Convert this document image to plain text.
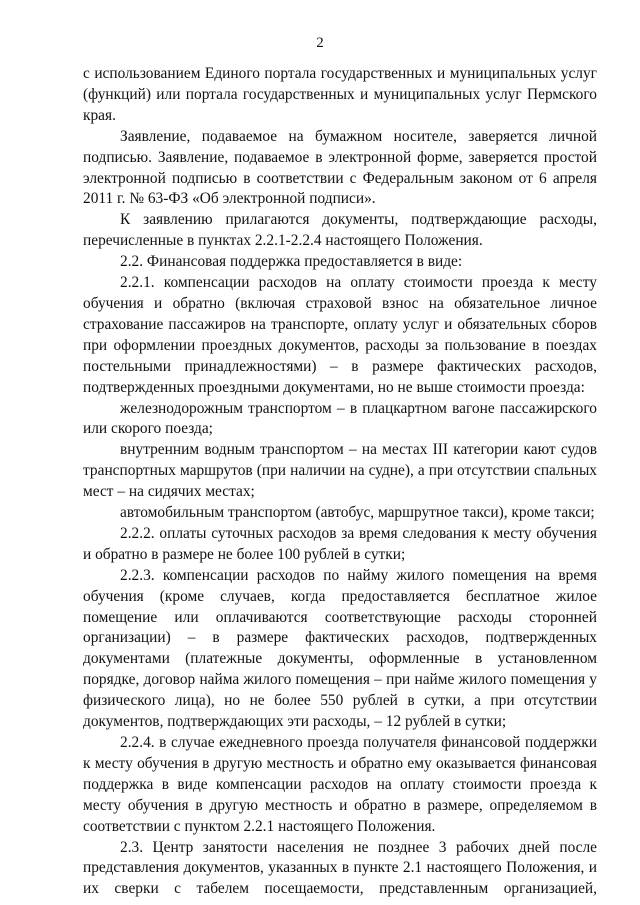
2

с использованием Единого портала государственных и муниципальных услуг (функций) или портала государственных и муниципальных услуг Пермского края.

Заявление, подаваемое на бумажном носителе, заверяется личной подписью. Заявление, подаваемое в электронной форме, заверяется простой электронной подписью в соответствии с Федеральным законом от 6 апреля 2011 г. № 63-ФЗ «Об электронной подписи».

К заявлению прилагаются документы, подтверждающие расходы, перечисленные в пунктах 2.2.1-2.2.4 настоящего Положения.

2.2. Финансовая поддержка предоставляется в виде:

2.2.1. компенсации расходов на оплату стоимости проезда к месту обучения и обратно (включая страховой взнос на обязательное личное страхование пассажиров на транспорте, оплату услуг и обязательных сборов при оформлении проездных документов, расходы за пользование в поездах постельными принадлежностями) – в размере фактических расходов, подтвержденных проездными документами, но не выше стоимости проезда:

железнодорожным транспортом – в плацкартном вагоне пассажирского или скорого поезда;

внутренним водным транспортом – на местах III категории кают судов транспортных маршрутов (при наличии на судне), а при отсутствии спальных мест – на сидячих местах;

автомобильным транспортом (автобус, маршрутное такси), кроме такси;

2.2.2. оплаты суточных расходов за время следования к месту обучения и обратно в размере не более 100 рублей в сутки;

2.2.3. компенсации расходов по найму жилого помещения на время обучения (кроме случаев, когда предоставляется бесплатное жилое помещение или оплачиваются соответствующие расходы сторонней организации) – в размере фактических расходов, подтвержденных документами (платежные документы, оформленные в установленном порядке, договор найма жилого помещения – при найме жилого помещения у физического лица), но не более 550 рублей в сутки, а при отсутствии документов, подтверждающих эти расходы, – 12 рублей в сутки;

2.2.4. в случае ежедневного проезда получателя финансовой поддержки к месту обучения в другую местность и обратно ему оказывается финансовая поддержка в виде компенсации расходов на оплату стоимости проезда к месту обучения в другую местность и обратно в размере, определяемом в соответствии с пунктом 2.2.1 настоящего Положения.

2.3. Центр занятости населения не позднее 3 рабочих дней после представления документов, указанных в пункте 2.1 настоящего Положения, и их сверки с табелем посещаемости, представленным организацией,
